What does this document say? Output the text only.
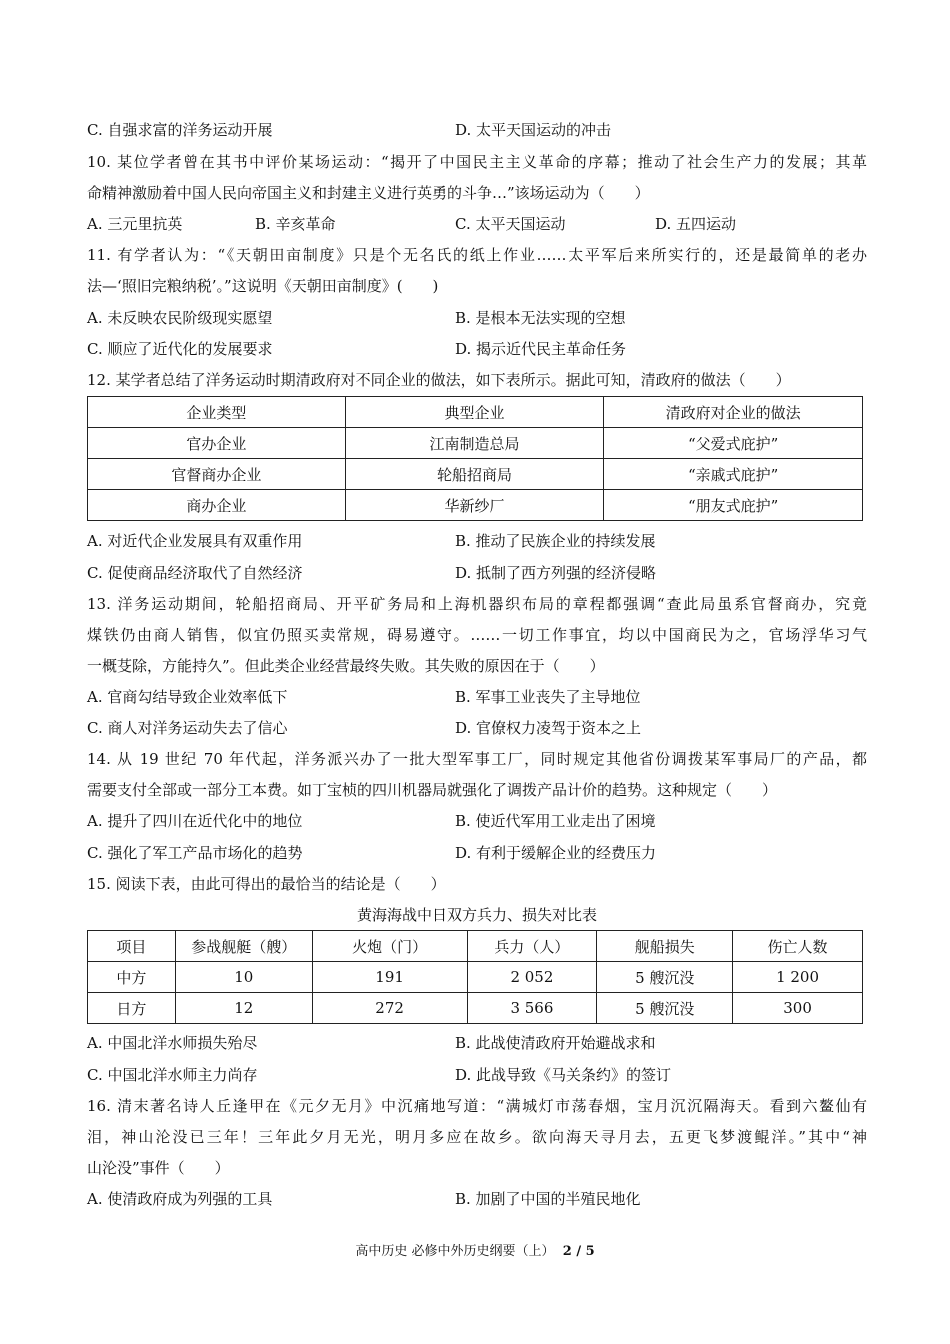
C. 自强求富的洋务运动开展	D. 太平天国运动的冲击

10. 某位学者曾在其书中评价某场运动：“揭开了中国民主主义革命的序幕；推动了社会生产力的发展；其革

命精神激励着中国人民向帝国主义和封建主义进行英勇的斗争…”该场运动为（　　）

A. 三元里抗英	B. 辛亥革命	C. 太平天国运动	D. 五四运动

11. 有学者认为：“《天朝田亩制度》只是个无名氏的纸上作业……太平军后来所实行的，还是最简单的老办

法—‘照旧完粮纳税’。”这说明《天朝田亩制度》(　　)

A. 未反映农民阶级现实愿望	B. 是根本无法实现的空想

C. 顺应了近代化的发展要求	D. 揭示近代民主革命任务

12. 某学者总结了洋务运动时期清政府对不同企业的做法，如下表所示。据此可知，清政府的做法（　　）

企业类型	典型企业	清政府对企业的做法
官办企业	江南制造总局	“父爱式庇护”
官督商办企业	轮船招商局	“亲戚式庇护”
商办企业	华新纱厂	“朋友式庇护”

A. 对近代企业发展具有双重作用	B. 推动了民族企业的持续发展

C. 促使商品经济取代了自然经济	D. 抵制了西方列强的经济侵略

13. 洋务运动期间，轮船招商局、开平矿务局和上海机器织布局的章程都强调“查此局虽系官督商办，究竟

煤铁仍由商人销售，似宜仍照买卖常规，碍易遵守。……一切工作事宜，均以中国商民为之，官场浮华习气

一概芟除，方能持久”。但此类企业经营最终失败。其失败的原因在于（　　）

A. 官商勾结导致企业效率低下	B. 军事工业丧失了主导地位

C. 商人对洋务运动失去了信心	D. 官僚权力凌驾于资本之上

14. 从 19 世纪 70 年代起，洋务派兴办了一批大型军事工厂，同时规定其他省份调拨某军事局厂的产品，都

需要支付全部或一部分工本费。如丁宝桢的四川机器局就强化了调拨产品计价的趋势。这种规定（　　）

A. 提升了四川在近代化中的地位	B. 使近代军用工业走出了困境

C. 强化了军工产品市场化的趋势	D. 有利于缓解企业的经费压力

15. 阅读下表，由此可得出的最恰当的结论是（　　）

黄海海战中日双方兵力、损失对比表

项目	参战舰艇（艘）	火炮（门）	兵力（人）	舰船损失	伤亡人数
中方	10	191	2 052	5 艘沉没	1 200
日方	12	272	3 566	5 艘沉没	300

A. 中国北洋水师损失殆尽	B. 此战使清政府开始避战求和

C. 中国北洋水师主力尚存	D. 此战导致《马关条约》的签订

16. 清末著名诗人丘逢甲在《元夕无月》中沉痛地写道：“满城灯市荡春烟，宝月沉沉隔海天。看到六鳌仙有

泪，神山沦没已三年！三年此夕月无光，明月多应在故乡。欲向海天寻月去，五更飞梦渡鲲洋。”其中“神

山沦没”事件（　　）

A. 使清政府成为列强的工具	B. 加剧了中国的半殖民地化

高中历史 必修中外历史纲要（上） 2 / 5
